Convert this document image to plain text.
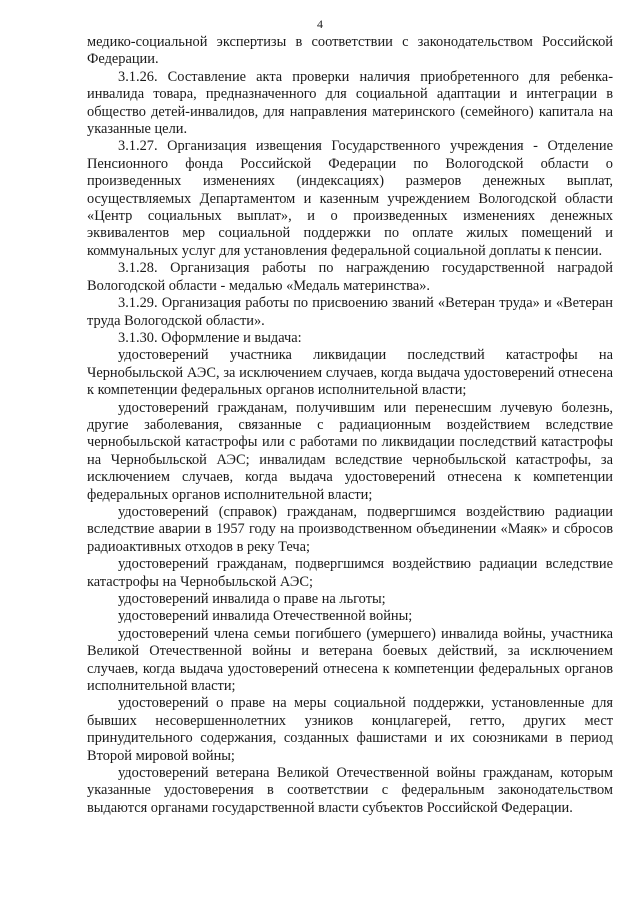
4

медико-социальной экспертизы в соответствии с законодательством Российской Федерации.

3.1.26. Составление акта проверки наличия приобретенного для ребенка-инвалида товара, предназначенного для социальной адаптации и интеграции в общество детей-инвалидов, для направления материнского (семейного) капитала на указанные цели.

3.1.27. Организация извещения Государственного учреждения - Отделение Пенсионного фонда Российской Федерации по Вологодской области о произведенных изменениях (индексациях) размеров денежных выплат, осуществляемых Департаментом и казенным учреждением Вологодской области «Центр социальных выплат», и о произведенных изменениях денежных эквивалентов мер социальной поддержки по оплате жилых помещений и коммунальных услуг для установления федеральной социальной доплаты к пенсии.

3.1.28. Организация работы по награждению государственной наградой Вологодской области - медалью «Медаль материнства».

3.1.29. Организация работы по присвоению званий «Ветеран труда» и «Ветеран труда Вологодской области».

3.1.30. Оформление и выдача:

удостоверений участника ликвидации последствий катастрофы на Чернобыльской АЭС, за исключением случаев, когда выдача удостоверений отнесена к компетенции федеральных органов исполнительной власти;

удостоверений гражданам, получившим или перенесшим лучевую болезнь, другие заболевания, связанные с радиационным воздействием вследствие чернобыльской катастрофы или с работами по ликвидации последствий катастрофы на Чернобыльской АЭС; инвалидам вследствие чернобыльской катастрофы, за исключением случаев, когда выдача удостоверений отнесена к компетенции федеральных органов исполнительной власти;

удостоверений (справок) гражданам, подвергшимся воздействию радиации вследствие аварии в 1957 году на производственном объединении «Маяк» и сбросов радиоактивных отходов в реку Теча;

удостоверений гражданам, подвергшимся воздействию радиации вследствие катастрофы на Чернобыльской АЭС;

удостоверений инвалида о праве на льготы;

удостоверений инвалида Отечественной войны;

удостоверений члена семьи погибшего (умершего) инвалида войны, участника Великой Отечественной войны и ветерана боевых действий, за исключением случаев, когда выдача удостоверений отнесена к компетенции федеральных органов исполнительной власти;

удостоверений о праве на меры социальной поддержки, установленные для бывших несовершеннолетних узников концлагерей, гетто, других мест принудительного содержания, созданных фашистами и их союзниками в период Второй мировой войны;

удостоверений ветерана Великой Отечественной войны гражданам, которым указанные удостоверения в соответствии с федеральным законодательством выдаются органами государственной власти субъектов Российской Федерации.
